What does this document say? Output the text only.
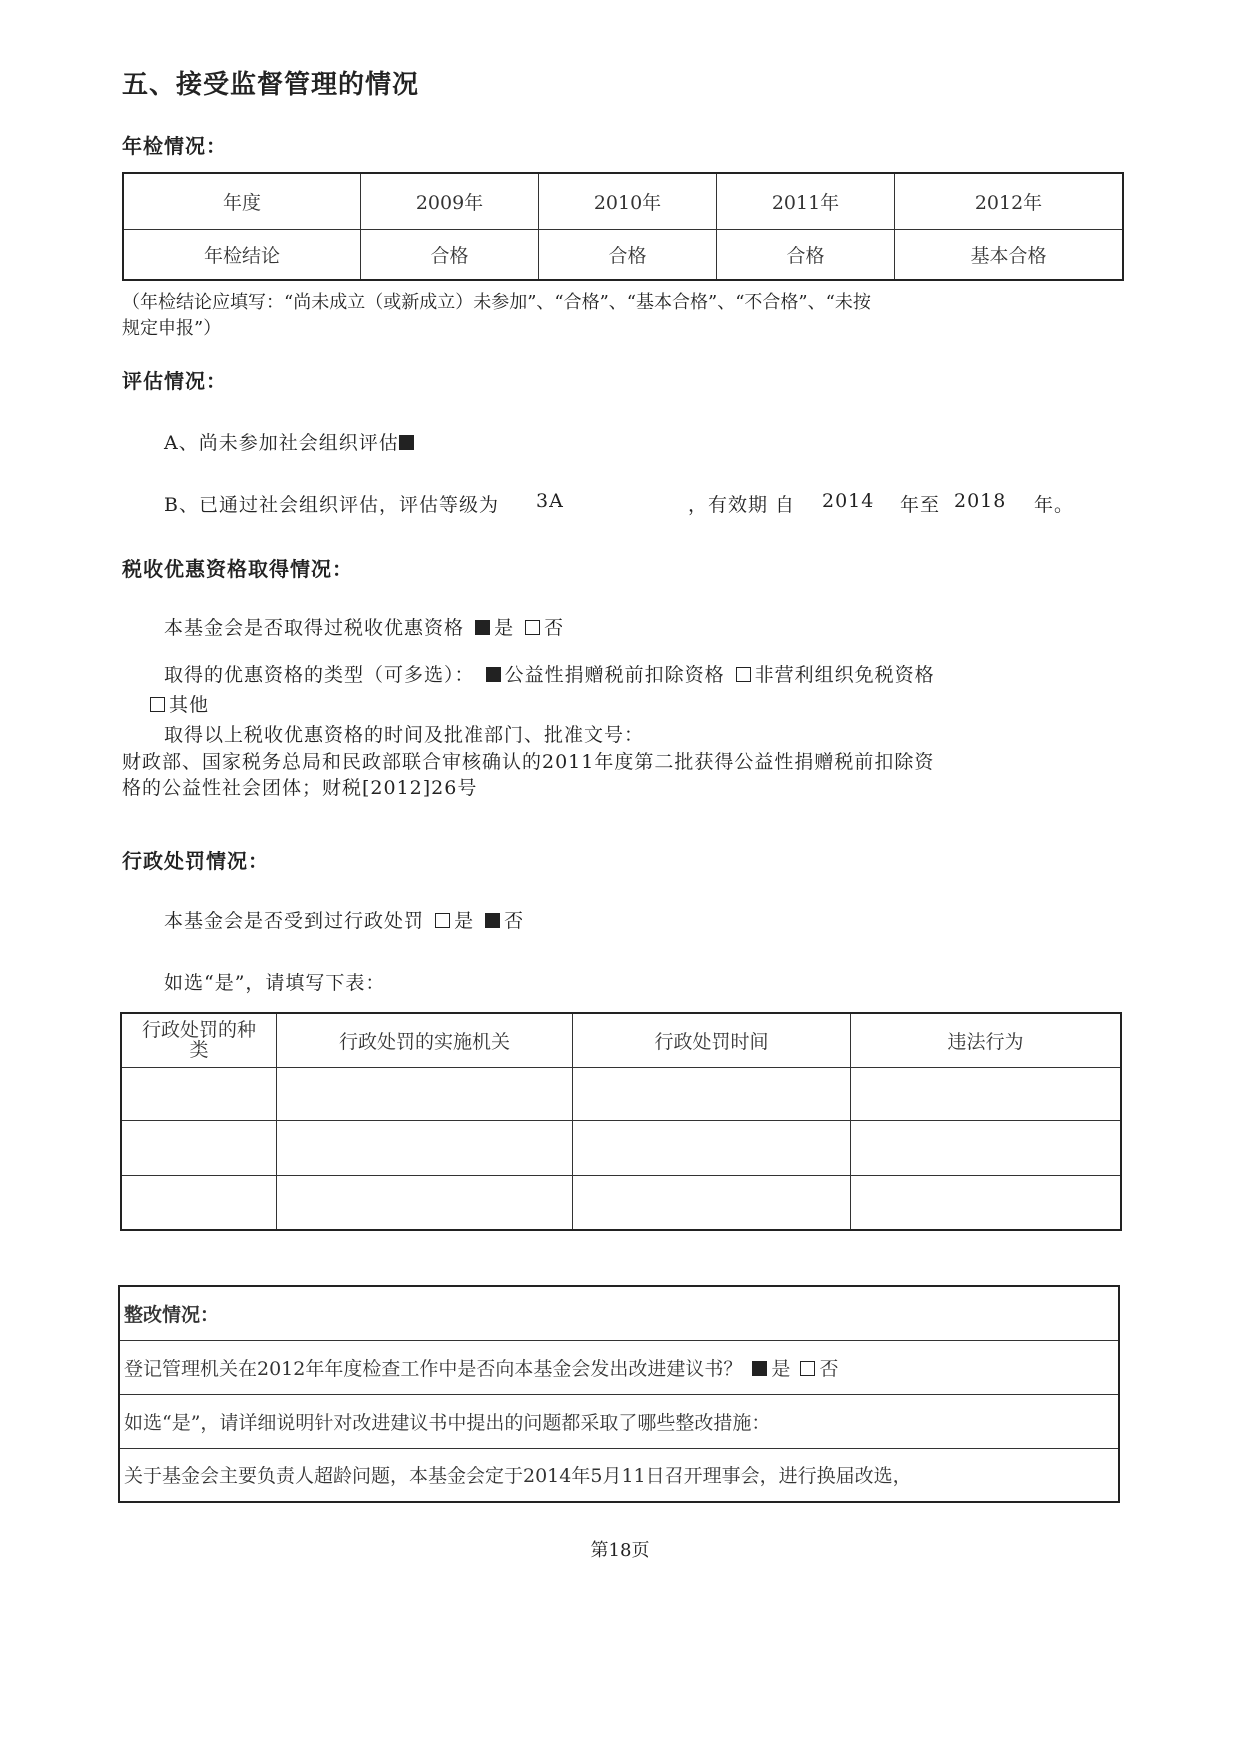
五、接受监督管理的情况
年检情况：
年度	2009年	2010年	2011年	2012年
年检结论	合格	合格	合格	基本合格
（年检结论应填写：“尚未成立（或新成立）未参加”、“合格”、“基本合格”、“不合格”、“未按
规定申报”）
评估情况：
A、尚未参加社会组织评估
B、已通过社会组织评估，评估等级为 3A	，有效期 自 2014 年至 2018 年。
税收优惠资格取得情况：
本基金会是否取得过税收优惠资格 是 否
取得的优惠资格的类型（可多选）： 公益性捐赠税前扣除资格 非营利组织免税资格
其他
取得以上税收优惠资格的时间及批准部门、批准文号：
财政部、国家税务总局和民政部联合审核确认的2011年度第二批获得公益性捐赠税前扣除资
格的公益性社会团体；财税[2012]26号
行政处罚情况：
本基金会是否受到过行政处罚 是 否
如选“是”，请填写下表：
行政处罚的种
类	行政处罚的实施机关	行政处罚时间	违法行为

整改情况：
登记管理机关在2012年年度检查工作中是否向本基金会发出改进建议书？ 是 否
如选“是”，请详细说明针对改进建议书中提出的问题都采取了哪些整改措施：
关于基金会主要负责人超龄问题，本基金会定于2014年5月11日召开理事会，进行换届改选，
第18页
